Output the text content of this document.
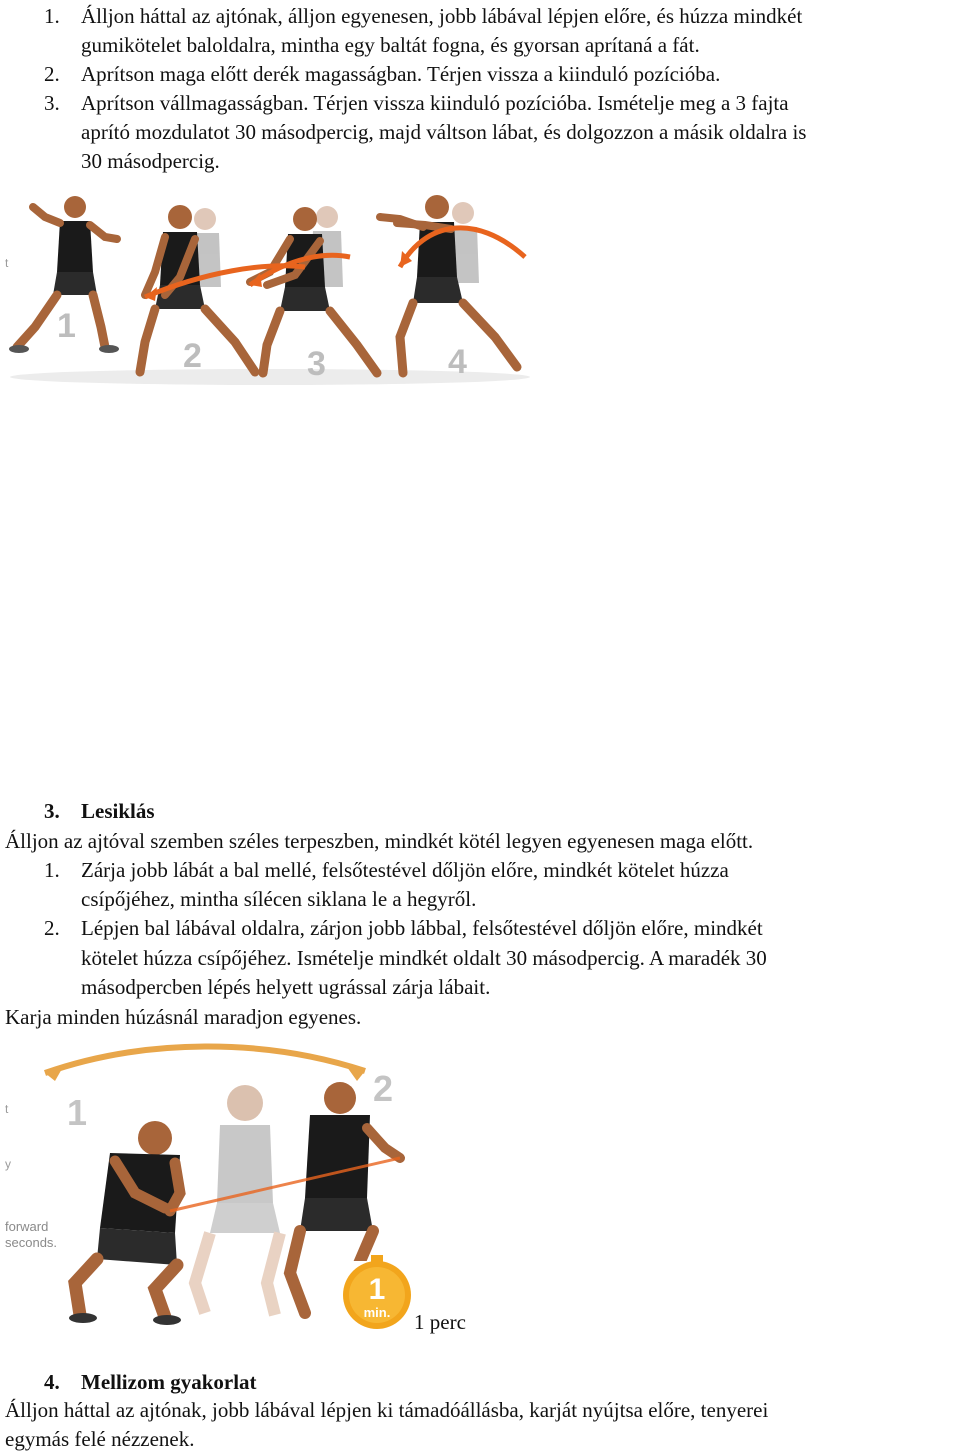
1. Álljon háttal az ajtónak, álljon egyenesen, jobb lábával lépjen előre, és húzza mindkét
gumikötelet baloldalra, mintha egy baltát fogna, és gyorsan aprítaná a fát.
2. Aprítson maga előtt derék magasságban. Térjen vissza a kiinduló pozícióba.
3. Aprítson vállmagasságban. Térjen vissza kiinduló pozícióba. Ismételje meg a 3 fajta
aprító mozdulatot 30 másodpercig, majd váltson lábat, és dolgozzon a másik oldalra is
30 másodpercig.
1
2	3	4
t
3. Lesiklás
Álljon az ajtóval szemben széles terpeszben, mindkét kötél legyen egyenesen maga előtt.
1. Zárja jobb lábát a bal mellé, felsőtestével dőljön előre, mindkét kötelet húzza
csípőjéhez, mintha sílécen siklana le a hegyről.
2. Lépjen bal lábával oldalra, zárjon jobb lábbal, felsőtestével dőljön előre, mindkét
kötelet húzza csípőjéhez. Ismételje mindkét oldalt 30 másodpercig. A maradék 30
másodpercben lépés helyett ugrással zárja lábait.
Karja minden húzásnál maradjon egyenes.
1
2
t
y
forward
seconds.
1
min. 1 perc
4. Mellizom gyakorlat
Álljon háttal az ajtónak, jobb lábával lépjen ki támadóállásba, karját nyújtsa előre, tenyerei
egymás felé nézzenek.
